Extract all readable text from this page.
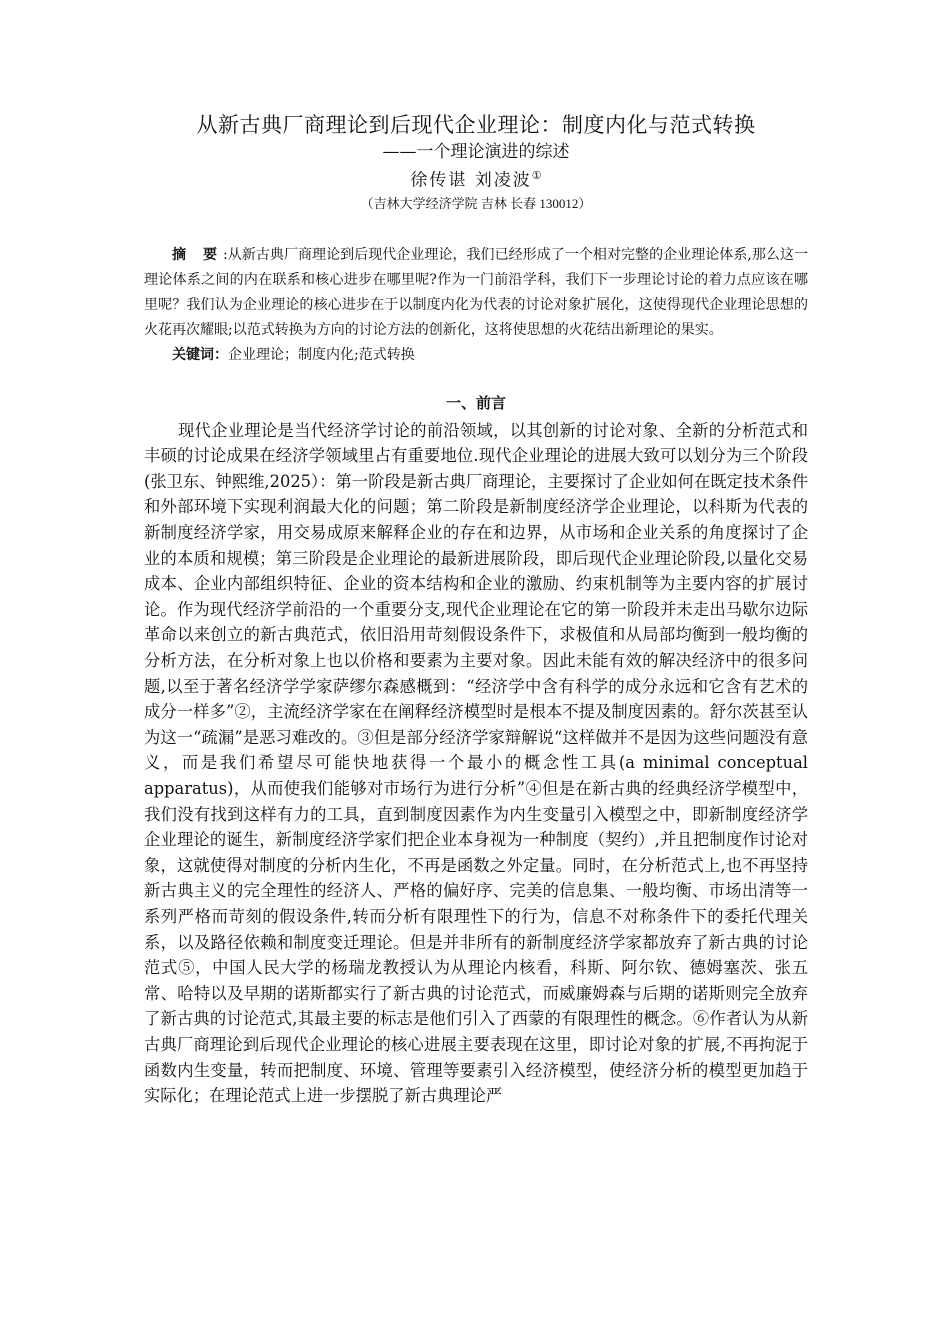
从新古典厂商理论到后现代企业理论：制度内化与范式转换

——一个理论演进的综述

徐传谌 刘凌波①

（吉林大学经济学院 吉林 长春 130012）

摘 要:从新古典厂商理论到后现代企业理论，我们已经形成了一个相对完整的企业理论体系,那么这一理论体系之间的内在联系和核心进步在哪里呢?作为一门前沿学科，我们下一步理论讨论的着力点应该在哪里呢？我们认为企业理论的核心进步在于以制度内化为代表的讨论对象扩展化，这使得现代企业理论思想的火花再次耀眼;以范式转换为方向的讨论方法的创新化，这将使思想的火花结出新理论的果实。

关键词：企业理论；制度内化;范式转换

一、前言

现代企业理论是当代经济学讨论的前沿领域，以其创新的讨论对象、全新的分析范式和丰硕的讨论成果在经济学领域里占有重要地位.现代企业理论的进展大致可以划分为三个阶段(张卫东、钟熙维,2025）：第一阶段是新古典厂商理论，主要探讨了企业如何在既定技术条件和外部环境下实现利润最大化的问题；第二阶段是新制度经济学企业理论，以科斯为代表的新制度经济学家，用交易成原来解释企业的存在和边界，从市场和企业关系的角度探讨了企业的本质和规模；第三阶段是企业理论的最新进展阶段，即后现代企业理论阶段,以量化交易成本、企业内部组织特征、企业的资本结构和企业的激励、约束机制等为主要内容的扩展讨论。作为现代经济学前沿的一个重要分支,现代企业理论在它的第一阶段并未走出马歇尔边际革命以来创立的新古典范式，依旧沿用苛刻假设条件下，求极值和从局部均衡到一般均衡的分析方法，在分析对象上也以价格和要素为主要对象。因此未能有效的解决经济中的很多问题,以至于著名经济学学家萨缪尔森感概到：“经济学中含有科学的成分永远和它含有艺术的成分一样多”②，主流经济学家在在阐释经济模型时是根本不提及制度因素的。舒尔茨甚至认为这一“疏漏”是恶习难改的。③但是部分经济学家辩解说“这样做并不是因为这些问题没有意义，而是我们希望尽可能快地获得一个最小的概念性工具(a minimal conceptual apparatus)，从而使我们能够对市场行为进行分析”④但是在新古典的经典经济学模型中，我们没有找到这样有力的工具，直到制度因素作为内生变量引入模型之中，即新制度经济学企业理论的诞生，新制度经济学家们把企业本身视为一种制度（契约）,并且把制度作讨论对象，这就使得对制度的分析内生化，不再是函数之外定量。同时，在分析范式上,也不再坚持新古典主义的完全理性的经济人、严格的偏好序、完美的信息集、一般均衡、市场出清等一系列严格而苛刻的假设条件,转而分析有限理性下的行为，信息不对称条件下的委托代理关系，以及路径依赖和制度变迁理论。但是并非所有的新制度经济学家都放弃了新古典的讨论范式⑤，中国人民大学的杨瑞龙教授认为从理论内核看，科斯、阿尔钦、德姆塞茨、张五常、哈特以及早期的诺斯都实行了新古典的讨论范式，而威廉姆森与后期的诺斯则完全放弃了新古典的讨论范式,其最主要的标志是他们引入了西蒙的有限理性的概念。⑥作者认为从新古典厂商理论到后现代企业理论的核心进展主要表现在这里，即讨论对象的扩展,不再拘泥于函数内生变量，转而把制度、环境、管理等要素引入经济模型，使经济分析的模型更加趋于实际化；在理论范式上进一步摆脱了新古典理论严
